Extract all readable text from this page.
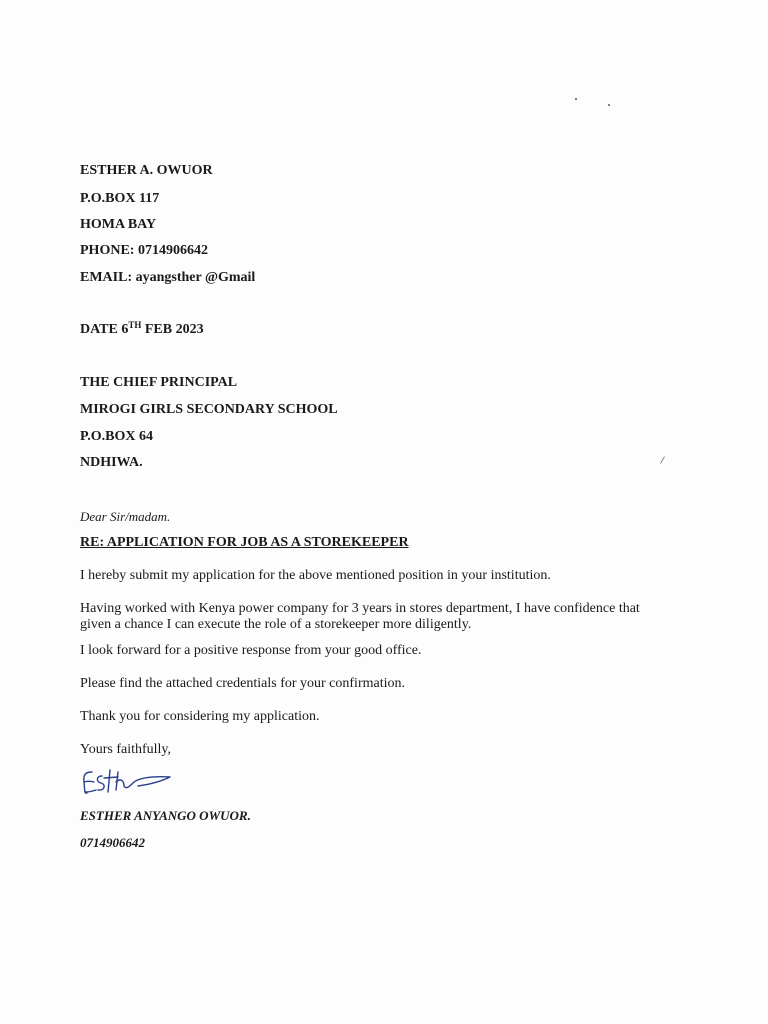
ESTHER A. OWUOR
P.O.BOX 117
HOMA BAY
PHONE: 0714906642
EMAIL: ayangsther @Gmail
DATE 6TH FEB 2023
THE CHIEF PRINCIPAL
MIROGI GIRLS SECONDARY SCHOOL
P.O.BOX 64
NDHIWA.
Dear Sir/madam.
RE: APPLICATION FOR JOB AS A STOREKEEPER
I hereby submit my application for the above mentioned position in your institution.
Having worked with Kenya power company for 3 years in stores department, I have confidence that given a chance I can execute the role of a storekeeper more diligently.
I look forward for a positive response from your good office.
Please find the attached credentials for your confirmation.
Thank you for considering my application.
Yours faithfully,
ESTHER ANYANGO OWUOR.
0714906642
